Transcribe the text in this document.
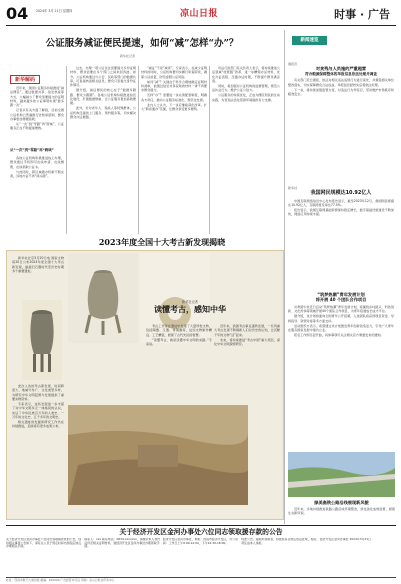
04 2024年 3月 21日 星期四	凉山日报	时事 · 广告
公证服务减证便民提速，如何“减”怎样“办”？
新华社记者
新华解码

近年来，我国公证服务持续推进“减证便民”，通过数据共享、信息核查等方式，大幅减少了群众需要提交的证明材料，越来越多的公证事项实现“最多跑一次”。

记者从有关方面了解到，目前全国公证机构已普遍推行告知承诺制，群众办事更加便捷高效。

从“一次”到“零跑”再“跨域”，公证服务正在不断提速增效。

从“一次”到“零跑”再“跨域”

各地公证机构积极推进线上办理，群众通过手机即可在线申请、在线缴费、在线领取公证书。

与此同时，跨区域通办机制不断完善，异地办证不再“两头跑”。

过去，办理一项公证往往需要提交多份证明材料，群众需要在多个部门之间来回奔波。如今，公证机构通过与公安、民政等部门的数据共享，可直接核查相关信息，群众只需提交身份证件即可。

据介绍，减证便民的核心在于“数据多跑路、群众少跑腿”。各地公证机构持续推进信息化建设，打通数据壁垒，让公证服务更加高效便捷。

此外，针对老年人、残疾人等特殊群体，公证机构还提供上门服务、预约服务等，切实解决群众办证难题。

“减证”不是“减责”。专家表示，在减少证明材料的同时，公证机构要切实履行审查职责，确保公证质量，防范虚假公证风险。

如何“减”？关键在于科学合理地确定证明材料清单，能通过信息共享获取的材料一律不再要求群众提交。

怎样“办”？需要进一步完善配套制度，明确各方责任，推动公证服务标准化、规范化发展。

业内人士认为，下一步应继续深化改革，扩大“跨省通办”范围，让群众享受更多便利。

司法行政部门有关负责人表示，将持续推进公证领域“放管服”改革，进一步精简办证材料、优化办证流程、压缩办证时限，不断提升群众满意度。

同时，将加强对公证机构的监督管理，规范公证执业行为，维护公证公信力。

公证服务的持续优化，正成为便民利民的生动实践，为营造法治化营商环境提供有力支撑。

新闻速览
晨报讯
对贪残与人员施约严重超营
符合粮源保障整体的举报信息依法处理并调查

有关部门近日通报，依法对相关违法违规行为进行查处，并督促相关单位整改落实，切实保障群众合法权益。举报信息经核实后将依法处理。

下一步，将持续加强监管力度，对违法行为零容忍，坚决维护市场秩序和粮食安全。

新华社
我国网民规模达10.92亿人

中国互联网络信息中心发布报告显示，截至2023年12月，我国网民规模达10.92亿人，互联网普及率达77.5%。

报告显示，我国互联网基础资源保持稳定增长，数字基础设施建设不断加快，网络应用持续丰富。

2023年度全国十大考古新发现揭晓

新华社北京3月20日电 国家文物局20日公布2023年度全国十大考古新发现，涵盖旧石器时代至历史时期多个重要遗址。

此次入选的考古新发现，时间跨度大、地域分布广、文化类型多样，为研究中华文明起源与发展提供了重要实物资料。

专家表示，这些发现进一步丰富了对中华文明多元一体格局的认识，实证了中华民族百万年的人类史、一万年的文化史、五千多年的文明史。

相关遗址的发掘和研究工作仍在持续推进，后续将有更多成果公布。

新华社记者
读懂考古，感知中华

考古工作者在遗址中发现了大量珍贵文物，包括陶器、玉器、青铜器等，这些文物制作精良、工艺精湛，展现了古代先民的智慧。

“读懂考古，就是读懂中华文明的来路。”专家说。

近年来，我国考古事业蓬勃发展，一系列重大考古发现不断刷新人们对历史的认知，让沉睡千年的文物“活”起来。

未来，将持续推进“考古中国”重大项目，深化中华文明探源研究。

“筑梦热潮”青年发展计划
将开展 40 个团队合作项目

共青团中央近日启动“筑梦热潮”青年发展计划，将围绕乡村振兴、科技创新、文化传承等领域开展40个团队合作项目，为青年搭建成长成才平台。

据介绍，该计划将面向全国青年公开招募，入选团队将获得项目资金、导师指导、资源对接等多方面支持。

活动组织方表示，希望通过该计划激发青年创新创造活力，引导广大青年在服务国家发展中建功立业。

报名工作即日起开始，具体事项可关注相关官方渠道发布的通知。

绿美高铁公路沿线展现新风貌

近年来，多地持续推进铁路公路沿线环境整治，绿化美化成效显著，展现生态新风貌。

关于经济开发区金河办事处六位同志领取援存款的公告
关于经济开发区金河办事处六位同志领取援存款的公告，现将相关事项公告如下，请有关人员于规定时间内到指定地点办理相关手续。
联系人：xxx 联系电话：0834-xxxxxxx，请携带本人身份证件及相关证明材料，到经济开发区金河办事处办理领取手续。
经济开发区金河办事处，地址：西昌市经济开发区，办公时间：工作日上午9:00-12:00，下午14:30-18:00。
特此公告。逾期未领取者，将按照有关规定依法处理，相关责任由本人承担。
经济开发区金河办事处 2024年3月21日
社址：西昌市航天大道四段 邮编：615000 广告经营许可证 印刷：凉山日报社印务中心
